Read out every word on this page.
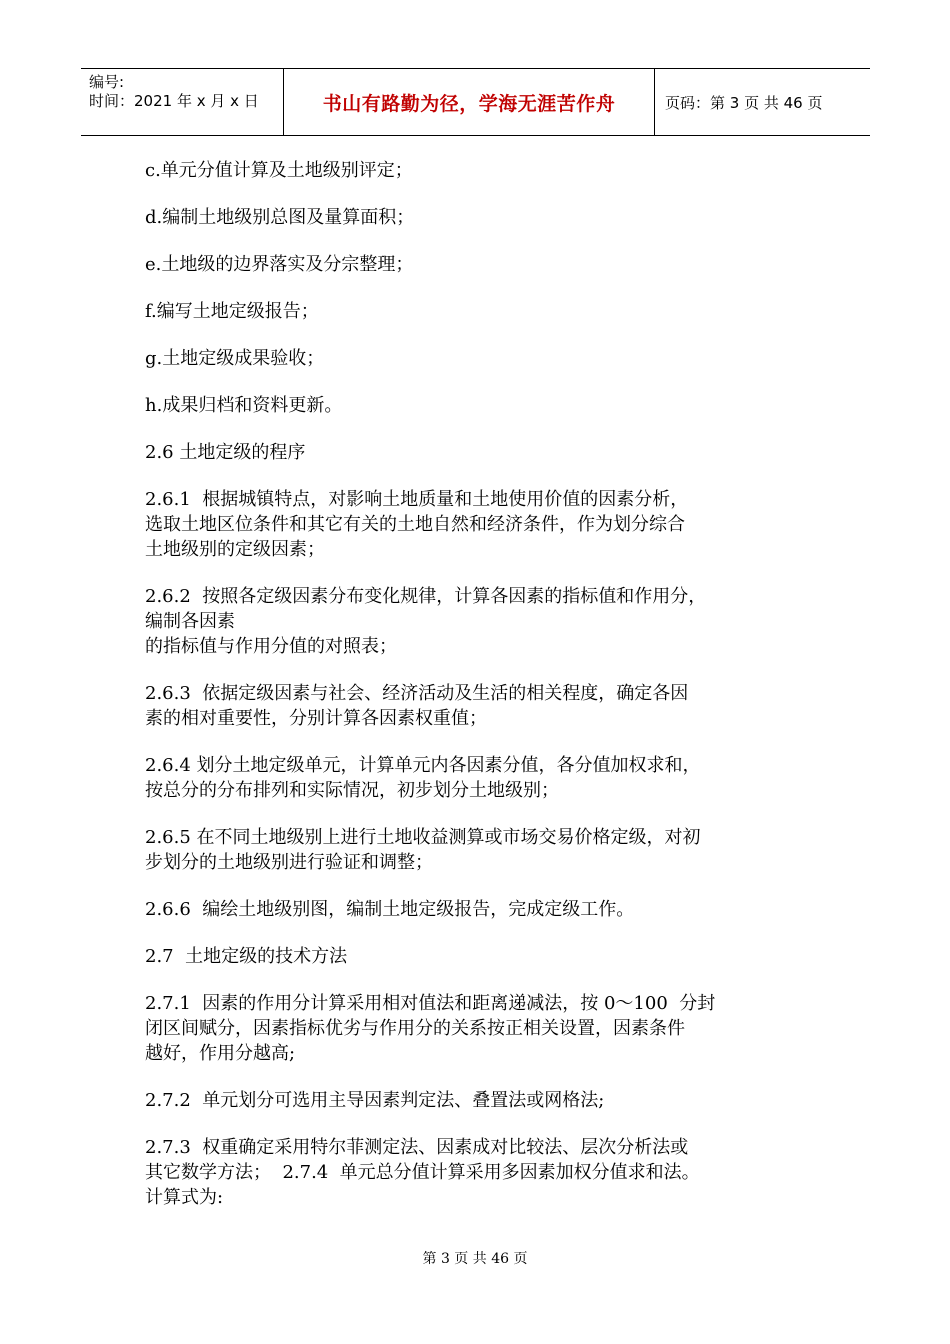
编号:
时间：2021 年 x 月 x 日	书山有路勤为径，学海无涯苦作舟	页码：第 3 页 共 46 页
c.单元分值计算及土地级别评定；
d.编制土地级别总图及量算面积；
e.土地级的边界落实及分宗整理；
f.编写土地定级报告；
g.土地定级成果验收；
h.成果归档和资料更新。
2.6 土地定级的程序
2.6.1  根据城镇特点，对影响土地质量和土地使用价值的因素分析，
选取土地区位条件和其它有关的土地自然和经济条件，作为划分综合
土地级别的定级因素；
2.6.2  按照各定级因素分布变化规律，计算各因素的指标值和作用分，
编制各因素
的指标值与作用分值的对照表；
2.6.3  依据定级因素与社会、经济活动及生活的相关程度，确定各因
素的相对重要性，分别计算各因素权重值；
2.6.4 划分土地定级单元，计算单元内各因素分值，各分值加权求和，
按总分的分布排列和实际情况，初步划分土地级别；
2.6.5 在不同土地级别上进行土地收益测算或市场交易价格定级，对初
步划分的土地级别进行验证和调整；
2.6.6  编绘土地级别图，编制土地定级报告，完成定级工作。
2.7  土地定级的技术方法
2.7.1  因素的作用分计算采用相对值法和距离递减法，按 0～100  分封
闭区间赋分，因素指标优劣与作用分的关系按正相关设置，因素条件
越好，作用分越高;
2.7.2  单元划分可选用主导因素判定法、叠置法或网格法;
2.7.3  权重确定采用特尔菲测定法、因素成对比较法、层次分析法或
其它数学方法；  2.7.4  单元总分值计算采用多因素加权分值求和法。
计算式为:
第 3 页 共 46 页
